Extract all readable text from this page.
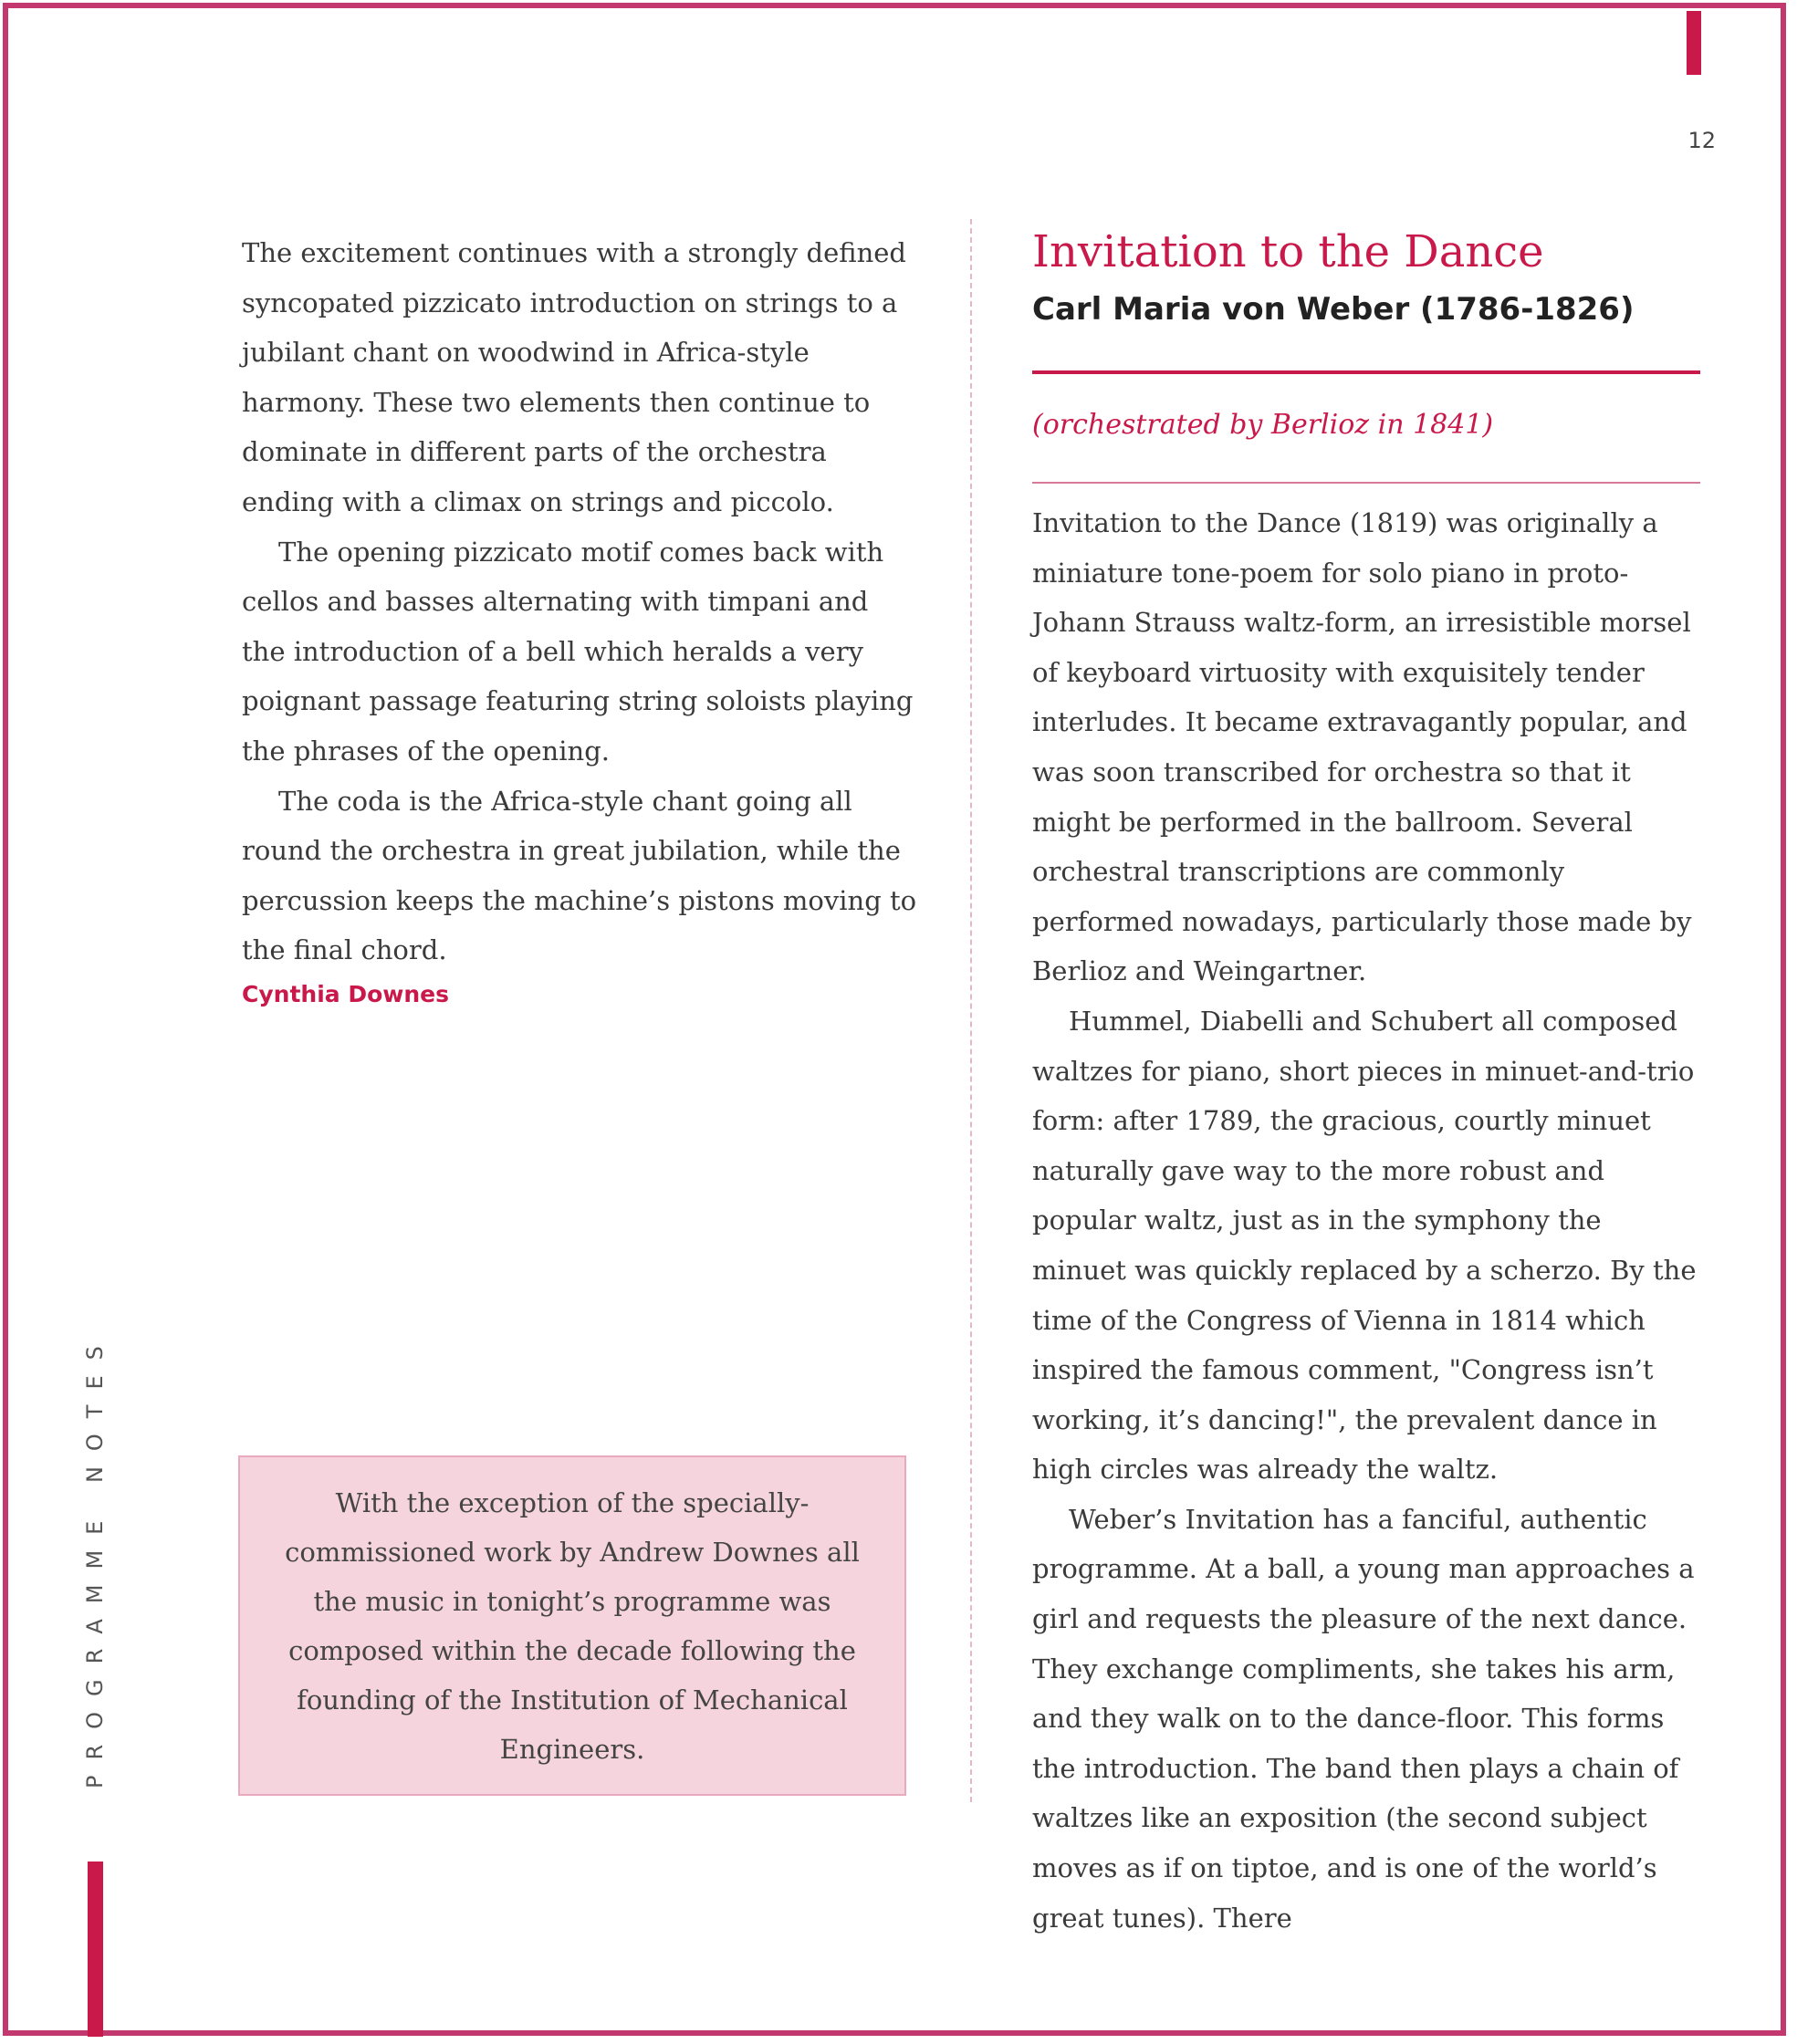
12
PROGRAMME NOTES

The excitement continues with a strongly defined syncopated pizzicato introduction on strings to a jubilant chant on woodwind in Africa-style harmony. These two elements then continue to dominate in different parts of the orchestra ending with a climax on strings and piccolo.

The opening pizzicato motif comes back with cellos and basses alternating with timpani and the introduction of a bell which heralds a very poignant passage featuring string soloists playing the phrases of the opening.

The coda is the Africa-style chant going all round the orchestra in great jubilation, while the percussion keeps the machine’s pistons moving to the final chord.

Cynthia Downes

With the exception of the specially-commissioned work by Andrew Downes all the music in tonight’s programme was composed within the decade following the founding of the Institution of Mechanical Engineers.

Invitation to the Dance
Carl Maria von Weber (1786-1826)
(orchestrated by Berlioz in 1841)

Invitation to the Dance (1819) was originally a miniature tone-poem for solo piano in proto-Johann Strauss waltz-form, an irresistible morsel of keyboard virtuosity with exquisitely tender interludes. It became extravagantly popular, and was soon transcribed for orchestra so that it might be performed in the ballroom. Several orchestral transcriptions are commonly performed nowadays, particularly those made by Berlioz and Weingartner.

Hummel, Diabelli and Schubert all composed waltzes for piano, short pieces in minuet-and-trio form: after 1789, the gracious, courtly minuet naturally gave way to the more robust and popular waltz, just as in the symphony the minuet was quickly replaced by a scherzo. By the time of the Congress of Vienna in 1814 which inspired the famous comment, "Congress isn’t working, it’s dancing!", the prevalent dance in high circles was already the waltz.

Weber’s Invitation has a fanciful, authentic programme. At a ball, a young man approaches a girl and requests the pleasure of the next dance. They exchange compliments, she takes his arm, and they walk on to the dance-floor. This forms the introduction. The band then plays a chain of waltzes like an exposition (the second subject moves as if on tiptoe, and is one of the world’s great tunes). There
